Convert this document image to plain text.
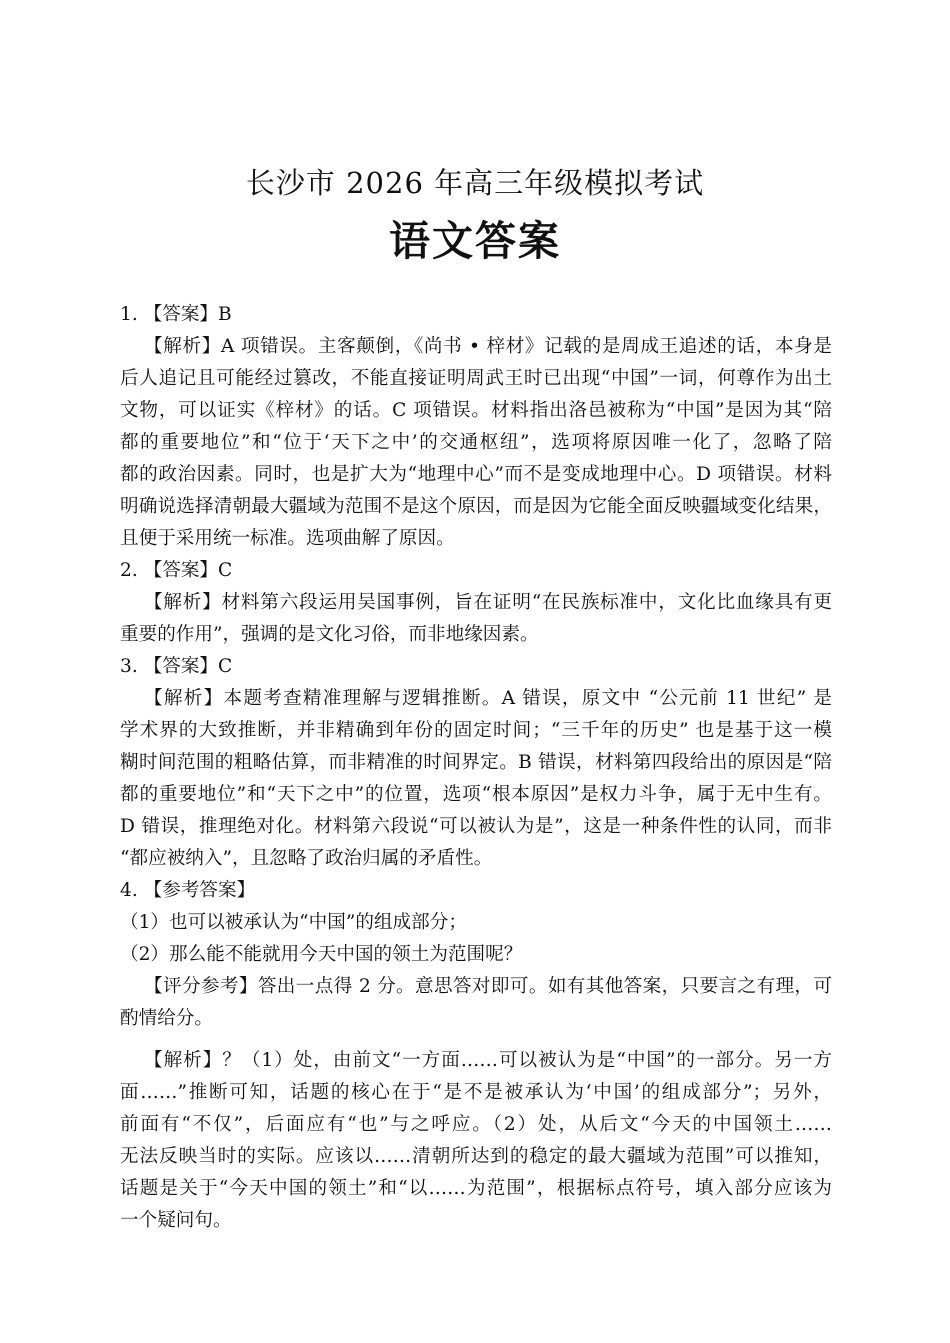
长沙市 2026 年高三年级模拟考试
语文答案
1. 【答案】B
【解析】A 项错误。主客颠倒，《尚书 • 梓材》记载的是周成王追述的话，本身是
后人追记且可能经过篡改，不能直接证明周武王时已出现“中国”一词，何尊作为出土
文物，可以证实《梓材》的话。C 项错误。材料指出洛邑被称为“中国”是因为其“陪
都的重要地位”和“位于‘天下之中’的交通枢纽”，选项将原因唯一化了，忽略了陪
都的政治因素。同时，也是扩大为“地理中心”而不是变成地理中心。D 项错误。材料
明确说选择清朝最大疆域为范围不是这个原因，而是因为它能全面反映疆域变化结果，
且便于采用统一标准。选项曲解了原因。
2. 【答案】C
【解析】材料第六段运用吴国事例，旨在证明“在民族标准中，文化比血缘具有更
重要的作用”，强调的是文化习俗，而非地缘因素。
3. 【答案】C
【解析】本题考查精准理解与逻辑推断。A 错误，原文中 “公元前 11 世纪” 是
学术界的大致推断，并非精确到年份的固定时间；“三千年的历史” 也是基于这一模
糊时间范围的粗略估算，而非精准的时间界定。B 错误，材料第四段给出的原因是“陪
都的重要地位”和“天下之中”的位置，选项“根本原因”是权力斗争，属于无中生有。
D 错误，推理绝对化。材料第六段说“可以被认为是”，这是一种条件性的认同，而非
“都应被纳入”，且忽略了政治归属的矛盾性。
4. 【参考答案】
（1）也可以被承认为“中国”的组成部分；
（2）那么能不能就用今天中国的领土为范围呢？
【评分参考】答出一点得 2 分。意思答对即可。如有其他答案，只要言之有理，可
酌情给分。
【解析】？（1）处，由前文“一方面……可以被认为是“中国”的一部分。另一方
面……”推断可知，话题的核心在于“是不是被承认为‘中国’的组成部分”；另外，
前面有“不仅”，后面应有“也”与之呼应。（2）处，从后文“今天的中国领土……
无法反映当时的实际。应该以……清朝所达到的稳定的最大疆域为范围”可以推知，
话题是关于“今天中国的领土”和“以……为范围”，根据标点符号，填入部分应该为
一个疑问句。
